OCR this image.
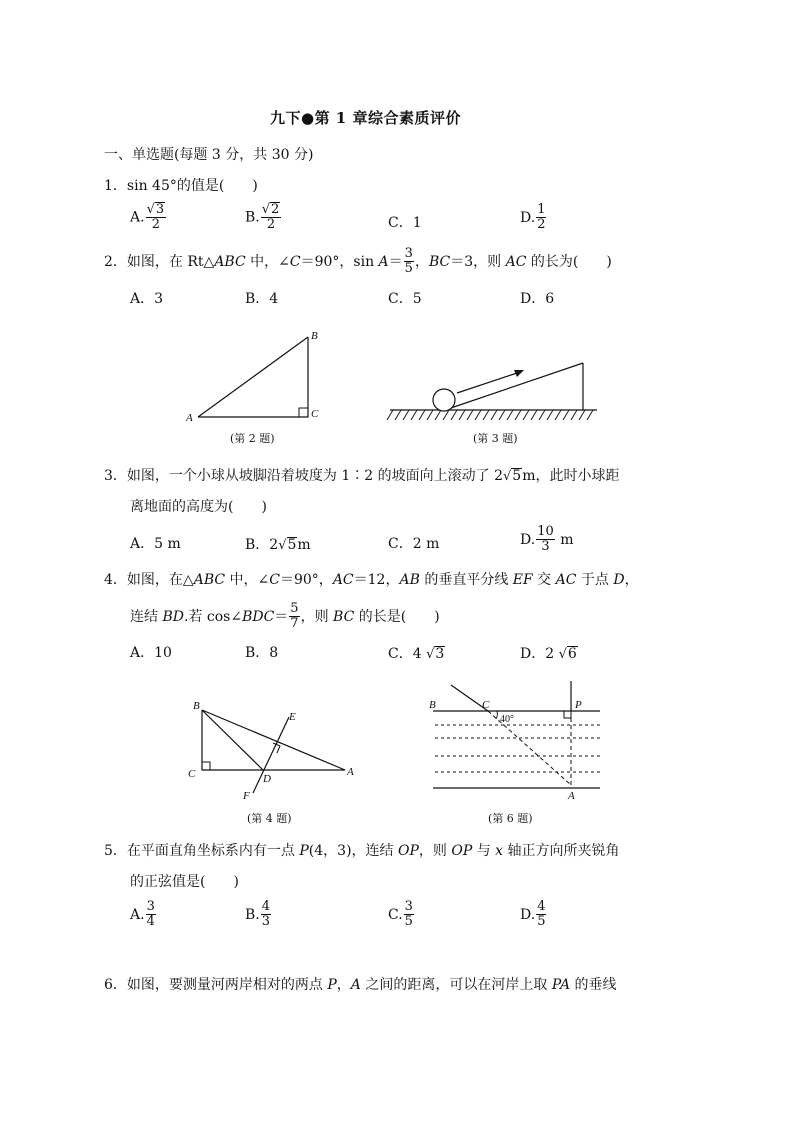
九下●第 1 章综合素质评价
一、单选题(每题 3 分，共 30 分)
1．sin 45°的值是(　　)
A. $\frac{√3}{2}$	B. $\frac{√2}{2}$	C．1	D. $\frac{1}{2}$
2．如图，在 Rt△ABC 中，∠C＝90°，$\sin A= \frac{3}{5}$ ，BC＝3，则 AC 的长为(　　)
A．3	B．4	C．5	D．6
B
A	C
(第 2 题)	(第 3 题)
3．如图，一个小球从坡脚沿着坡度为 1∶2 的坡面向上滚动了 2√5m，此时小球距
离地面的高度为(　　)
A．5 m	B．2√5m	C．2 m	D. $\frac{10}{3}$ m
4．如图，在△ABC 中，∠C＝90°，AC＝12，AB 的垂直平分线 EF 交 AC 于点 D，
连结 BD.若 cos∠BDC＝ $\frac{5}{7}$ ，则 BC 的长是(　　)
A．10	B．8	C．4 √3	D．2 √6
B
E
C	D
A
F
(第 4 题)
B	C	P
40°
A
(第 6 题)
5．在平面直角坐标系内有一点 P(4，3)，连结 OP，则 OP 与 x 轴正方向所夹锐角
的正弦值是(　　)
A. $\frac{3}{4}$	B. $\frac{4}{3}$	C. $\frac{3}{5}$	D. $\frac{4}{5}$
6．如图，要测量河两岸相对的两点 P，A 之间的距离，可以在河岸上取 PA 的垂线
